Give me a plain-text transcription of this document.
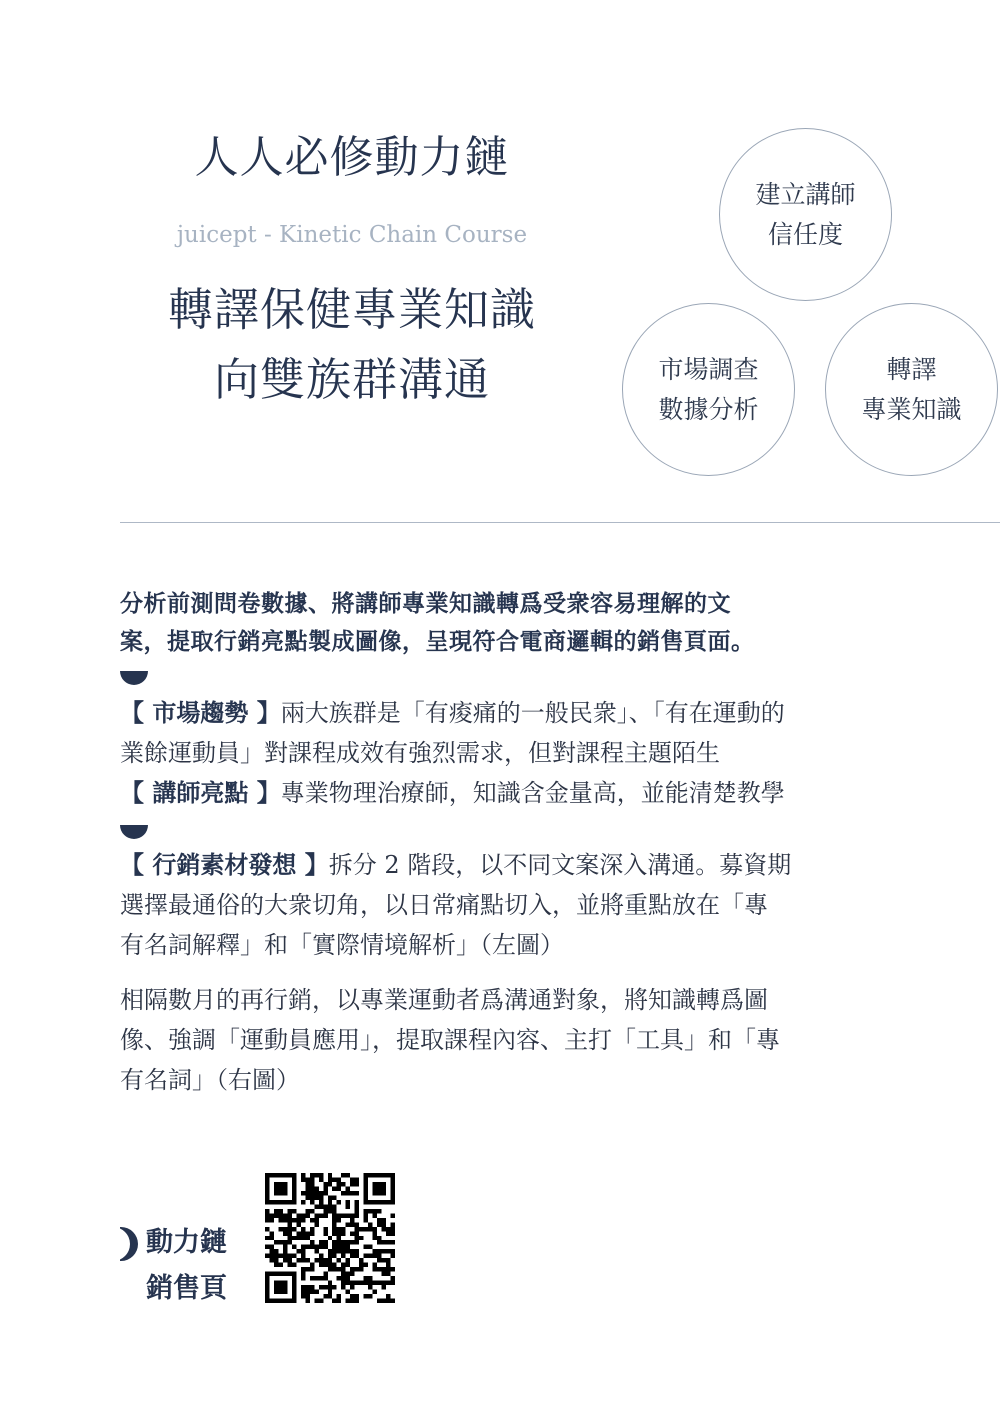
人人必修動力鏈
juicept - Kinetic Chain Course
轉譯保健專業知識
向雙族群溝通
建立講師
信任度
市場調查
數據分析
轉譯
專業知識
分析前測問卷數據、將講師專業知識轉爲受衆容易理解的文
案，提取行銷亮點製成圖像，呈現符合電商邏輯的銷售頁面。
【 市場趨勢 】兩大族群是「有痠痛的一般民衆」、「有在運動的
業餘運動員」對課程成效有強烈需求，但對課程主題陌生
【 講師亮點 】專業物理治療師，知識含金量高，並能清楚教學
【 行銷素材發想 】拆分 2 階段，以不同文案深入溝通。募資期
選擇最通俗的大衆切角，以日常痛點切入，並將重點放在「專
有名詞解釋」和「實際情境解析」（左圖）
相隔數月的再行銷，以專業運動者爲溝通對象，將知識轉爲圖
像、強調「運動員應用」，提取課程內容、主打「工具」和「專
有名詞」（右圖）
動力鏈
銷售頁
